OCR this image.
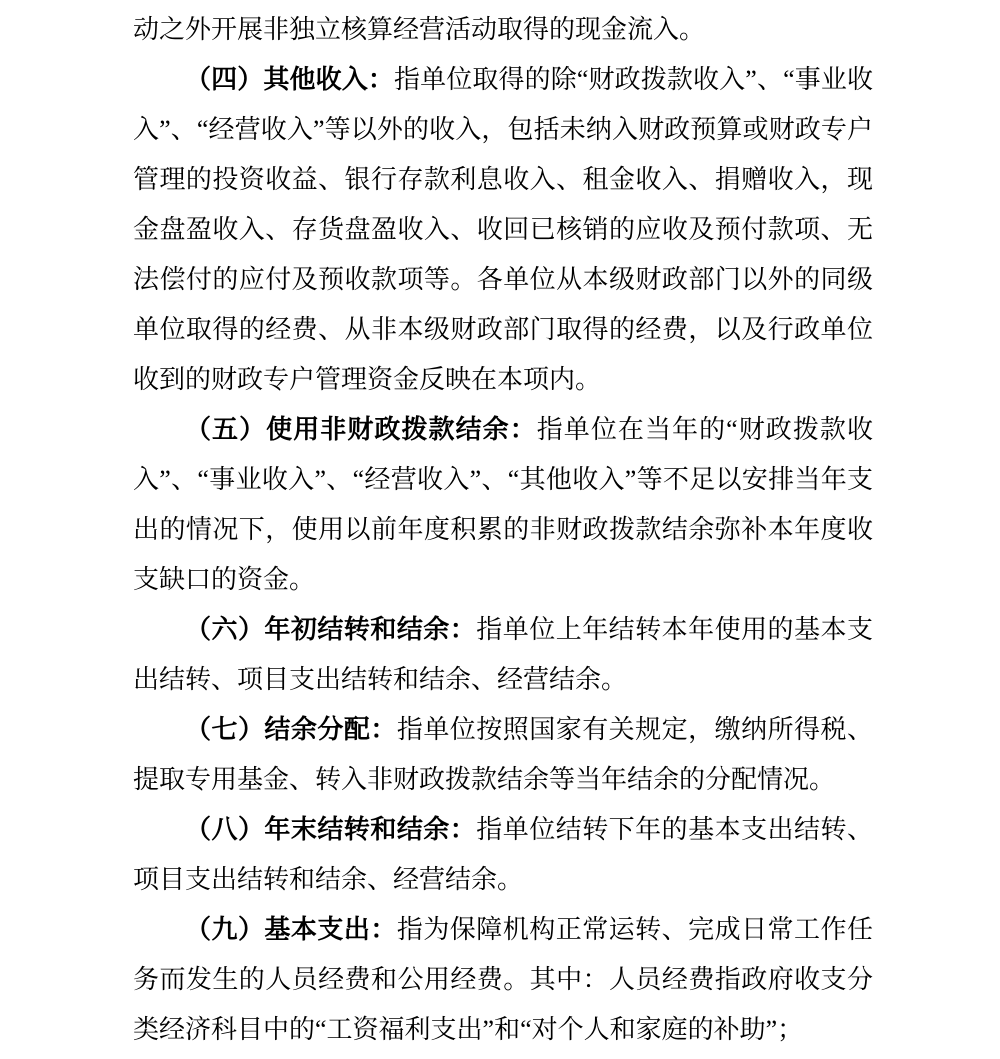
动之外开展非独立核算经营活动取得的现金流入。

（四）其他收入：指单位取得的除“财政拨款收入”、“事业收入”、“经营收入”等以外的收入，包括未纳入财政预算或财政专户管理的投资收益、银行存款利息收入、租金收入、捐赠收入，现金盘盈收入、存货盘盈收入、收回已核销的应收及预付款项、无法偿付的应付及预收款项等。各单位从本级财政部门以外的同级单位取得的经费、从非本级财政部门取得的经费，以及行政单位收到的财政专户管理资金反映在本项内。

（五）使用非财政拨款结余：指单位在当年的“财政拨款收入”、“事业收入”、“经营收入”、“其他收入”等不足以安排当年支出的情况下，使用以前年度积累的非财政拨款结余弥补本年度收支缺口的资金。

（六）年初结转和结余：指单位上年结转本年使用的基本支出结转、项目支出结转和结余、经营结余。

（七）结余分配：指单位按照国家有关规定，缴纳所得税、提取专用基金、转入非财政拨款结余等当年结余的分配情况。

（八）年末结转和结余：指单位结转下年的基本支出结转、项目支出结转和结余、经营结余。

（九）基本支出：指为保障机构正常运转、完成日常工作任务而发生的人员经费和公用经费。其中：人员经费指政府收支分类经济科目中的“工资福利支出”和“对个人和家庭的补助”；
